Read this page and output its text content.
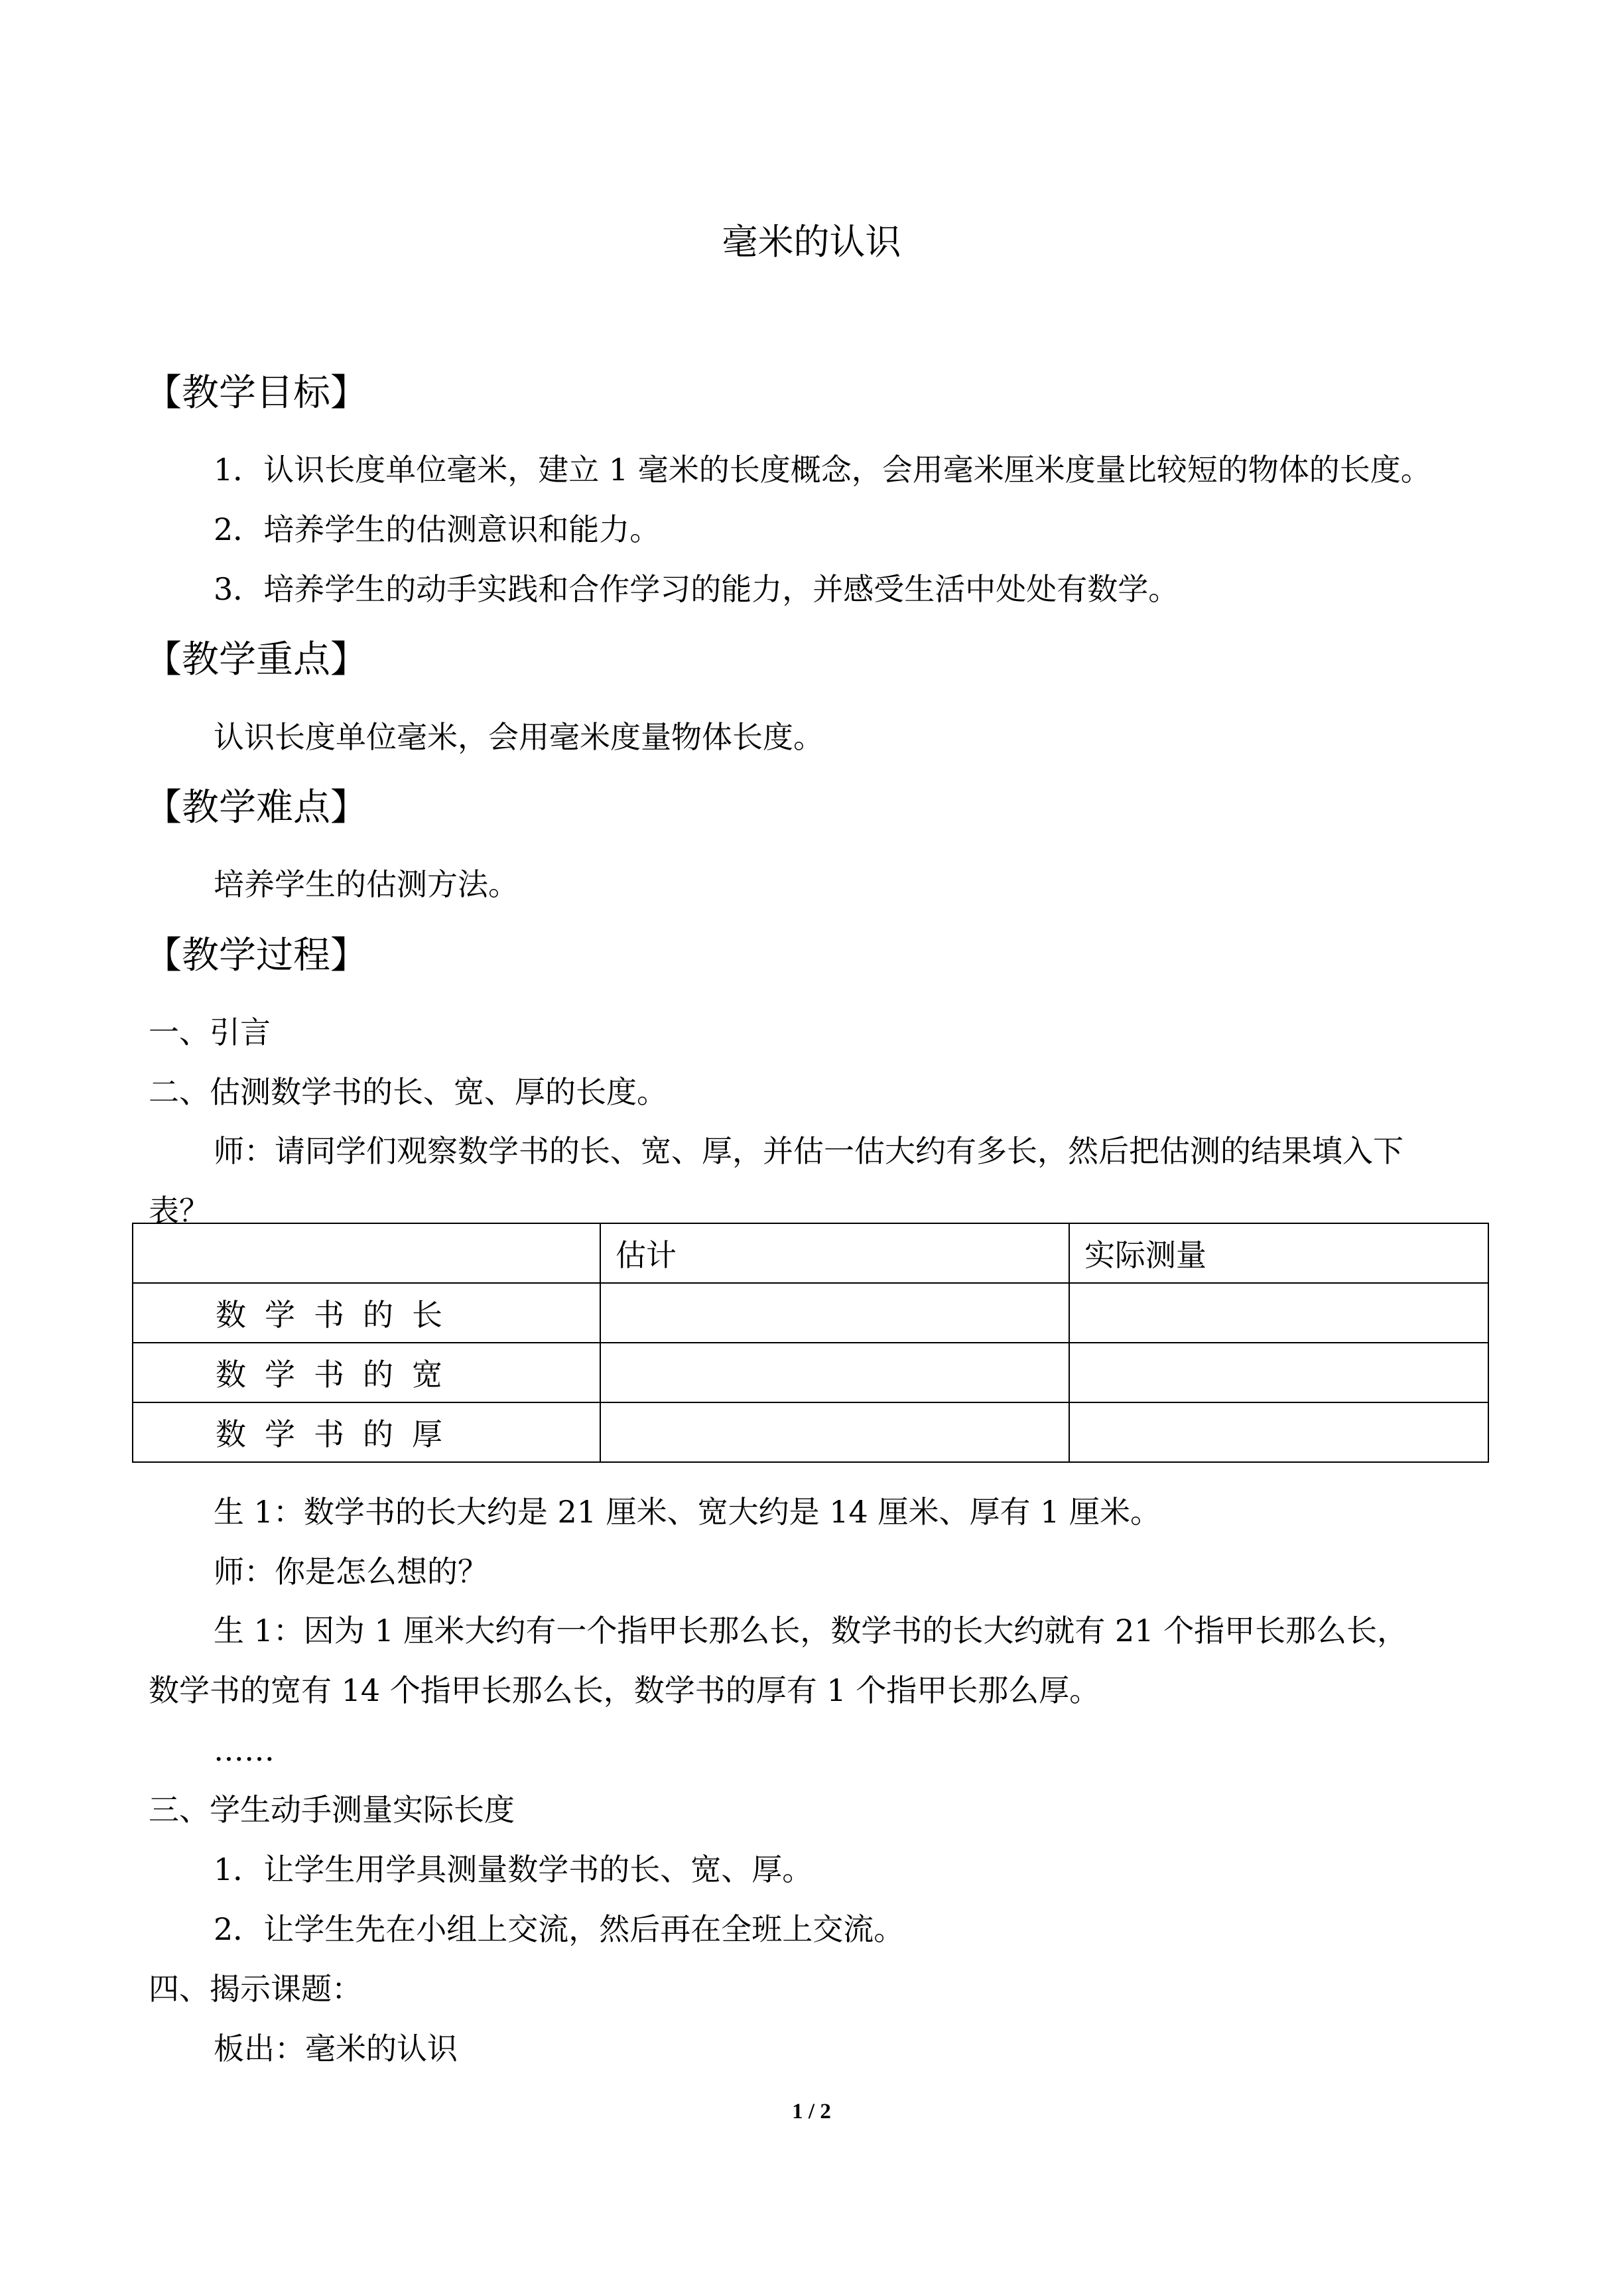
毫米的认识
【教学目标】
1．认识长度单位毫米，建立 1 毫米的长度概念，会用毫米厘米度量比较短的物体的长度。
2．培养学生的估测意识和能力。
3．培养学生的动手实践和合作学习的能力，并感受生活中处处有数学。
【教学重点】
认识长度单位毫米，会用毫米度量物体长度。
【教学难点】
培养学生的估测方法。
【教学过程】
一、引言
二、估测数学书的长、宽、厚的长度。
师：请同学们观察数学书的长、宽、厚，并估一估大约有多长，然后把估测的结果填入下
表？
	估计	实际测量
数学书的长		
数学书的宽		
数学书的厚		
生 1：数学书的长大约是 21 厘米、宽大约是 14 厘米、厚有 1 厘米。
师：你是怎么想的？
生 1：因为 1 厘米大约有一个指甲长那么长，数学书的长大约就有 21 个指甲长那么长，
数学书的宽有 14 个指甲长那么长，数学书的厚有 1 个指甲长那么厚。
……
三、学生动手测量实际长度
1．让学生用学具测量数学书的长、宽、厚。
2．让学生先在小组上交流，然后再在全班上交流。
四、揭示课题：
板出：毫米的认识
1 / 2
